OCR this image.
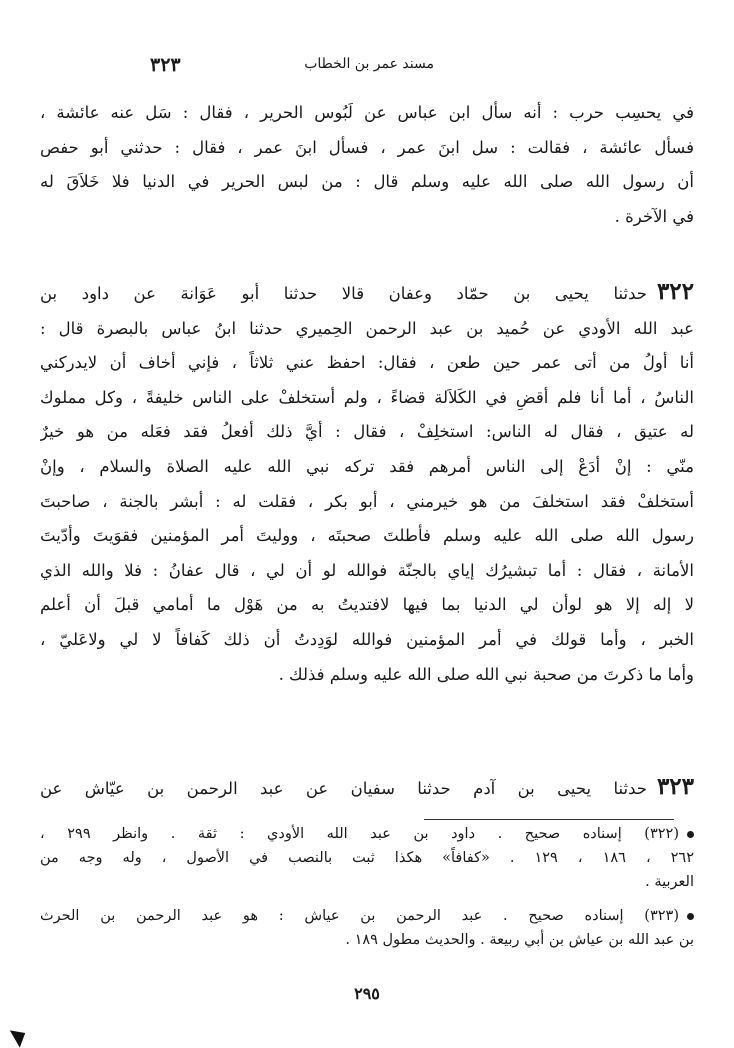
مسند عمر بن الخطاب
٣٢٣
في يحسِب حرب : أنه سأل ابن عباس عن لَبُوس الحرير ، فقال : سَل عنه عائشة ،
فسأل عائشة ، فقالت : سل ابنَ عمر ، فسأل ابنَ عمر ، فقال : حدثني أبو حفص
أن رسول الله صلى الله عليه وسلم قال : من لبس الحرير في الدنيا فلا خَلاَقَ له
في الآخرة .
٣٢٢حدثنا يحيى بن حمّاد وعفان قالا حدثنا أبو عَوَانة عن داود بن
عبد الله الأودي عن حُميد بن عبد الرحمن الحِميري حدثنا ابنُ عباس بالبصرة قال :
أنا أولُ من أتى عمر حين طعن ، فقال: احفظ عني ثلاثاً ، فإني أخاف أن لايدركني
الناسُ ، أما أنا فلم أقضِ في الكَلاَلة قضاءً ، ولم أستخلفْ على الناس خليفةً ، وكل مملوك
له عتيق ، فقال له الناس: استخلِفْ ، فقال : أيَّ ذلك أفعلُ فقد فعَله من هو خيرٌ
منّي : إنْ أدَعْ إلى الناس أمرهم فقد تركه نبي الله عليه الصلاة والسلام ، وإنْ
أستخلفْ فقد استخلفَ من هو خيرمني ، أبو بكر ، فقلت له : أبشر بالجنة ، صاحبتَ
رسول الله صلى الله عليه وسلم فأطلتَ صحبتَه ، ووليتَ أمر المؤمنين فقوَيتَ وأدّيتَ
الأمانة ، فقال : أما تبشيرُك إياي بالجنّة فوالله لو أن لي ، قال عفانُ : فلا والله الذي
لا إله إلا هو لوأن لي الدنيا بما فيها لافتديتُ به من هَوْل ما أمامي قبلَ أن أعلم
الخبر ، وأما قولك في أمر المؤمنين فوالله لوَدِدتُ أن ذلك كَفافاً لا لي ولاعَليّ ،
وأما ما ذكرتَ من صحبة نبي الله صلى الله عليه وسلم فذلك .
٣٢٣حدثنا يحيى بن آدم حدثنا سفيان عن عبد الرحمن بن عيّاش عن
(٣٢٢) إسناده صحيح . داود بن عبد الله الأودي : ثقة . وانظر ٢٩٩ ،
٢٦٢ ، ١٨٦ ، ١٢٩ . «كفافاً» هكذا ثبت بالنصب في الأصول ، وله وجه من
العربية .
(٣٢٣) إسناده صحيح . عبد الرحمن بن عياش : هو عبد الرحمن بن الحرث
بن عبد الله بن عياش بن أبي ربيعة . والحديث مطول ١٨٩ .
٢٩٥
